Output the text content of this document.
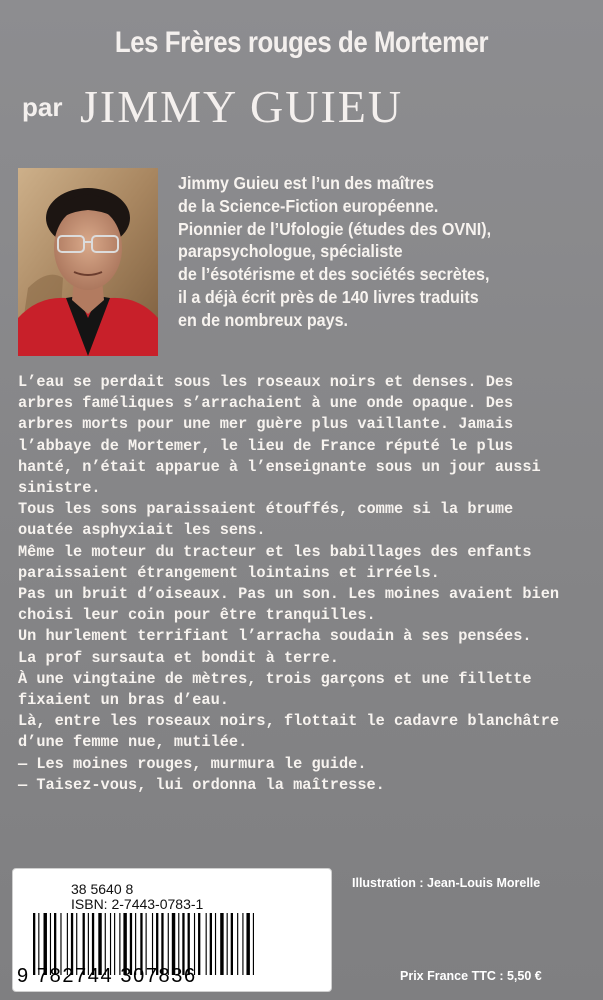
Les Frères rouges de Mortemer
par JIMMY GUIEU
Jimmy Guieu est l’un des maîtres
de la Science-Fiction européenne.
Pionnier de l’Ufologie (études des OVNI),
parapsychologue, spécialiste
de l’ésotérisme et des sociétés secrètes,
il a déjà écrit près de 140 livres traduits
en de nombreux pays.
L’eau se perdait sous les roseaux noirs et denses. Des
arbres faméliques s’arrachaient à une onde opaque. Des
arbres morts pour une mer guère plus vaillante. Jamais
l’abbaye de Mortemer, le lieu de France réputé le plus
hanté, n’était apparue à l’enseignante sous un jour aussi
sinistre.
Tous les sons paraissaient étouffés, comme si la brume
ouatée asphyxiait les sens.
Même le moteur du tracteur et les babillages des enfants
paraissaient étrangement lointains et irréels.
Pas un bruit d’oiseaux. Pas un son. Les moines avaient bien
choisi leur coin pour être tranquilles.
Un hurlement terrifiant l’arracha soudain à ses pensées.
La prof sursauta et bondit à terre.
À une vingtaine de mètres, trois garçons et une fillette
fixaient un bras d’eau.
Là, entre les roseaux noirs, flottait le cadavre blanchâtre
d’une femme nue, mutilée.
— Les moines rouges, murmura le guide.
— Taisez-vous, lui ordonna la maîtresse.
38 5640 8
ISBN: 2-7443-0783-1
9 782744 307836
Illustration : Jean-Louis Morelle
Prix France TTC : 5,50 €
